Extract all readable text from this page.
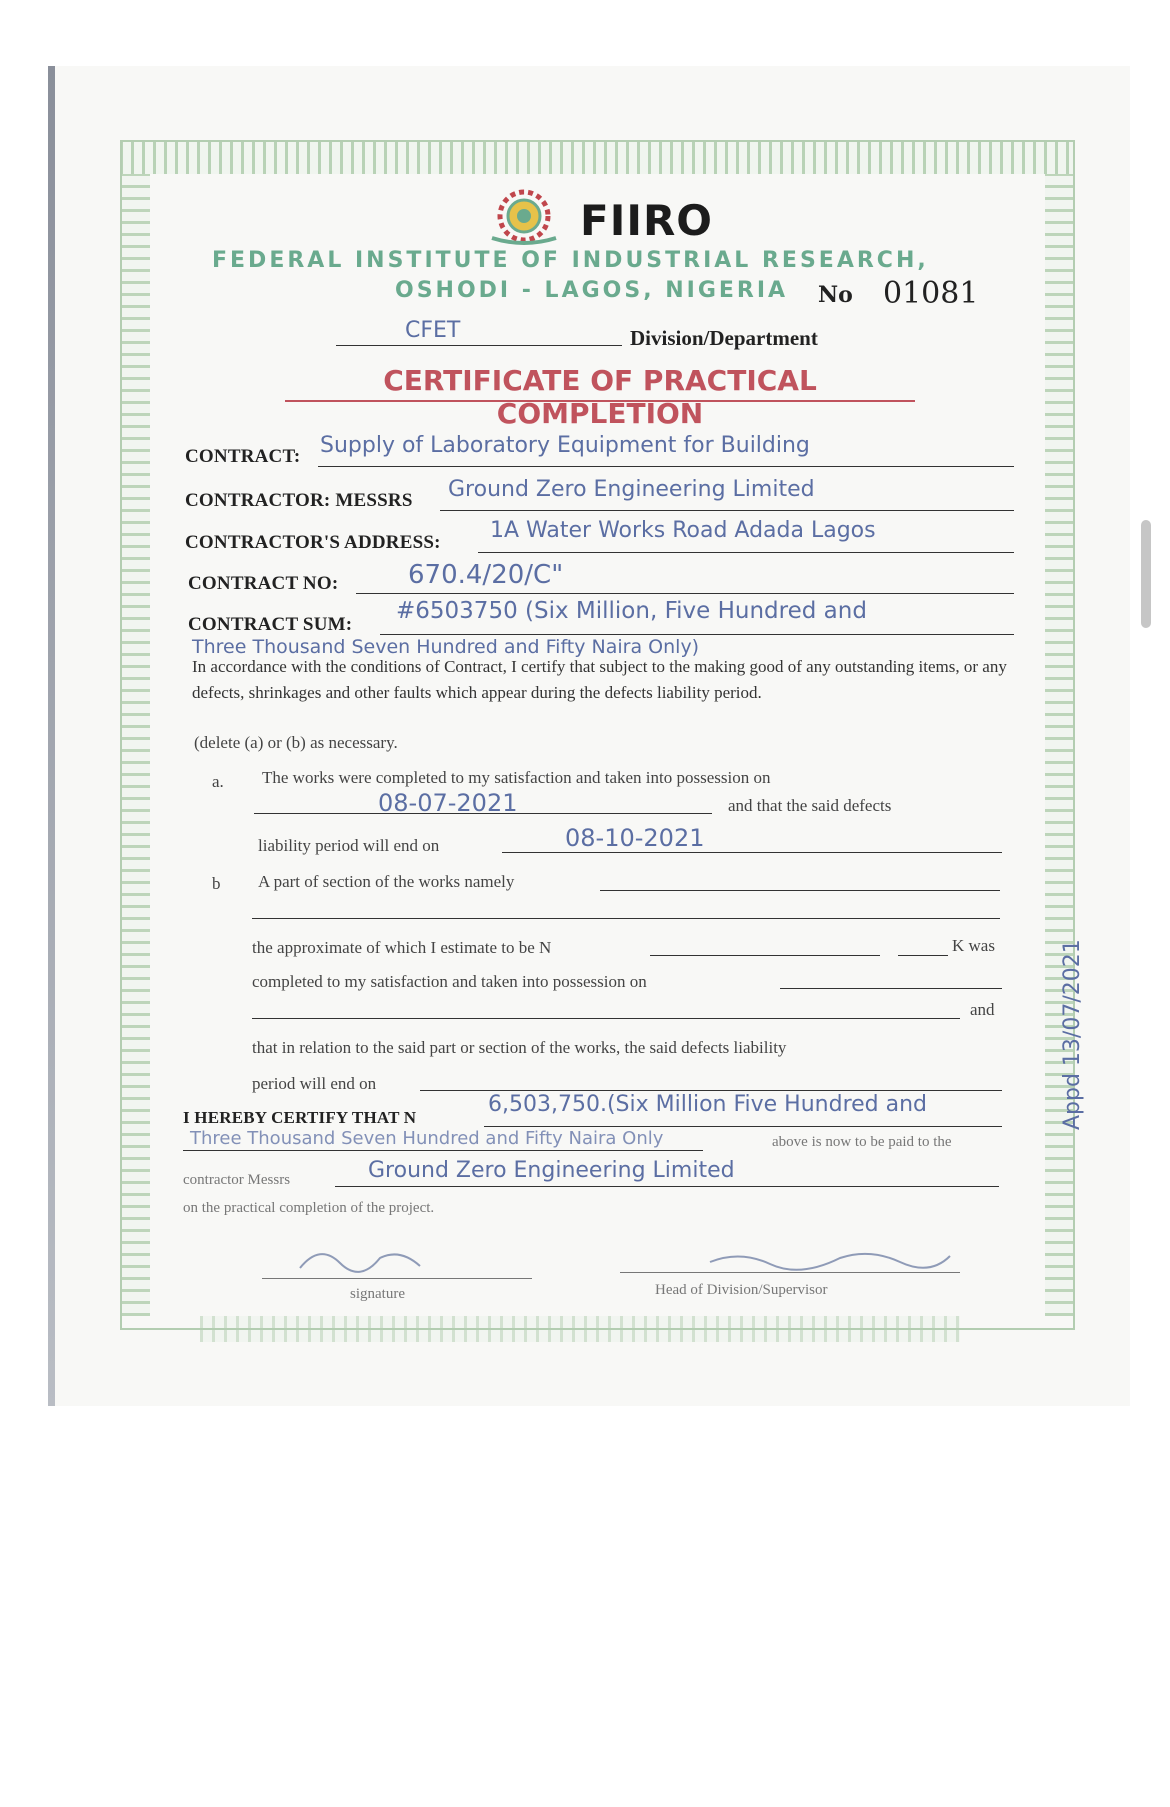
FIIRO
FEDERAL INSTITUTE OF INDUSTRIAL RESEARCH,
OSHODI - LAGOS, NIGERIA No 01081
CFET	Division/Department
CERTIFICATE OF PRACTICAL COMPLETION
CONTRACT: Supply of Laboratory Equipment for Building
CONTRACTOR: MESSRS Ground Zero Engineering Limited
CONTRACTOR'S ADDRESS: 1A Water Works Road Adada Lagos
CONTRACT NO:	670.4/20/C"
CONTRACT SUM:
#6503750 (Six Million, Five Hundred and
Three Thousand Seven Hundred and Fifty Naira Only)
In accordance with the conditions of Contract, I certify that subject to the making good of any outstanding items, or any defects, shrinkages and other faults which appear during the defects liability period.
(delete (a) or (b) as necessary.
a. The works were completed to my satisfaction and taken into possession on
08-07-2021	and that the said defects
liability period will end on	08-10-2021
b A part of section of the works namely
the approximate of which I estimate to be N	K was
completed to my satisfaction and taken into possession on
and
that in relation to the said part or section of the works, the said defects liability
period will end on
I HEREBY CERTIFY THAT N
6,503,750.(Six Million Five Hundred and
Three Thousand Seven Hundred and Fifty Naira Only	above is now to be paid to the
contractor Messrs	Ground Zero Engineering Limited
on the practical completion of the project.
signature	Head of Division/Supervisor
Appd 13/07/2021
